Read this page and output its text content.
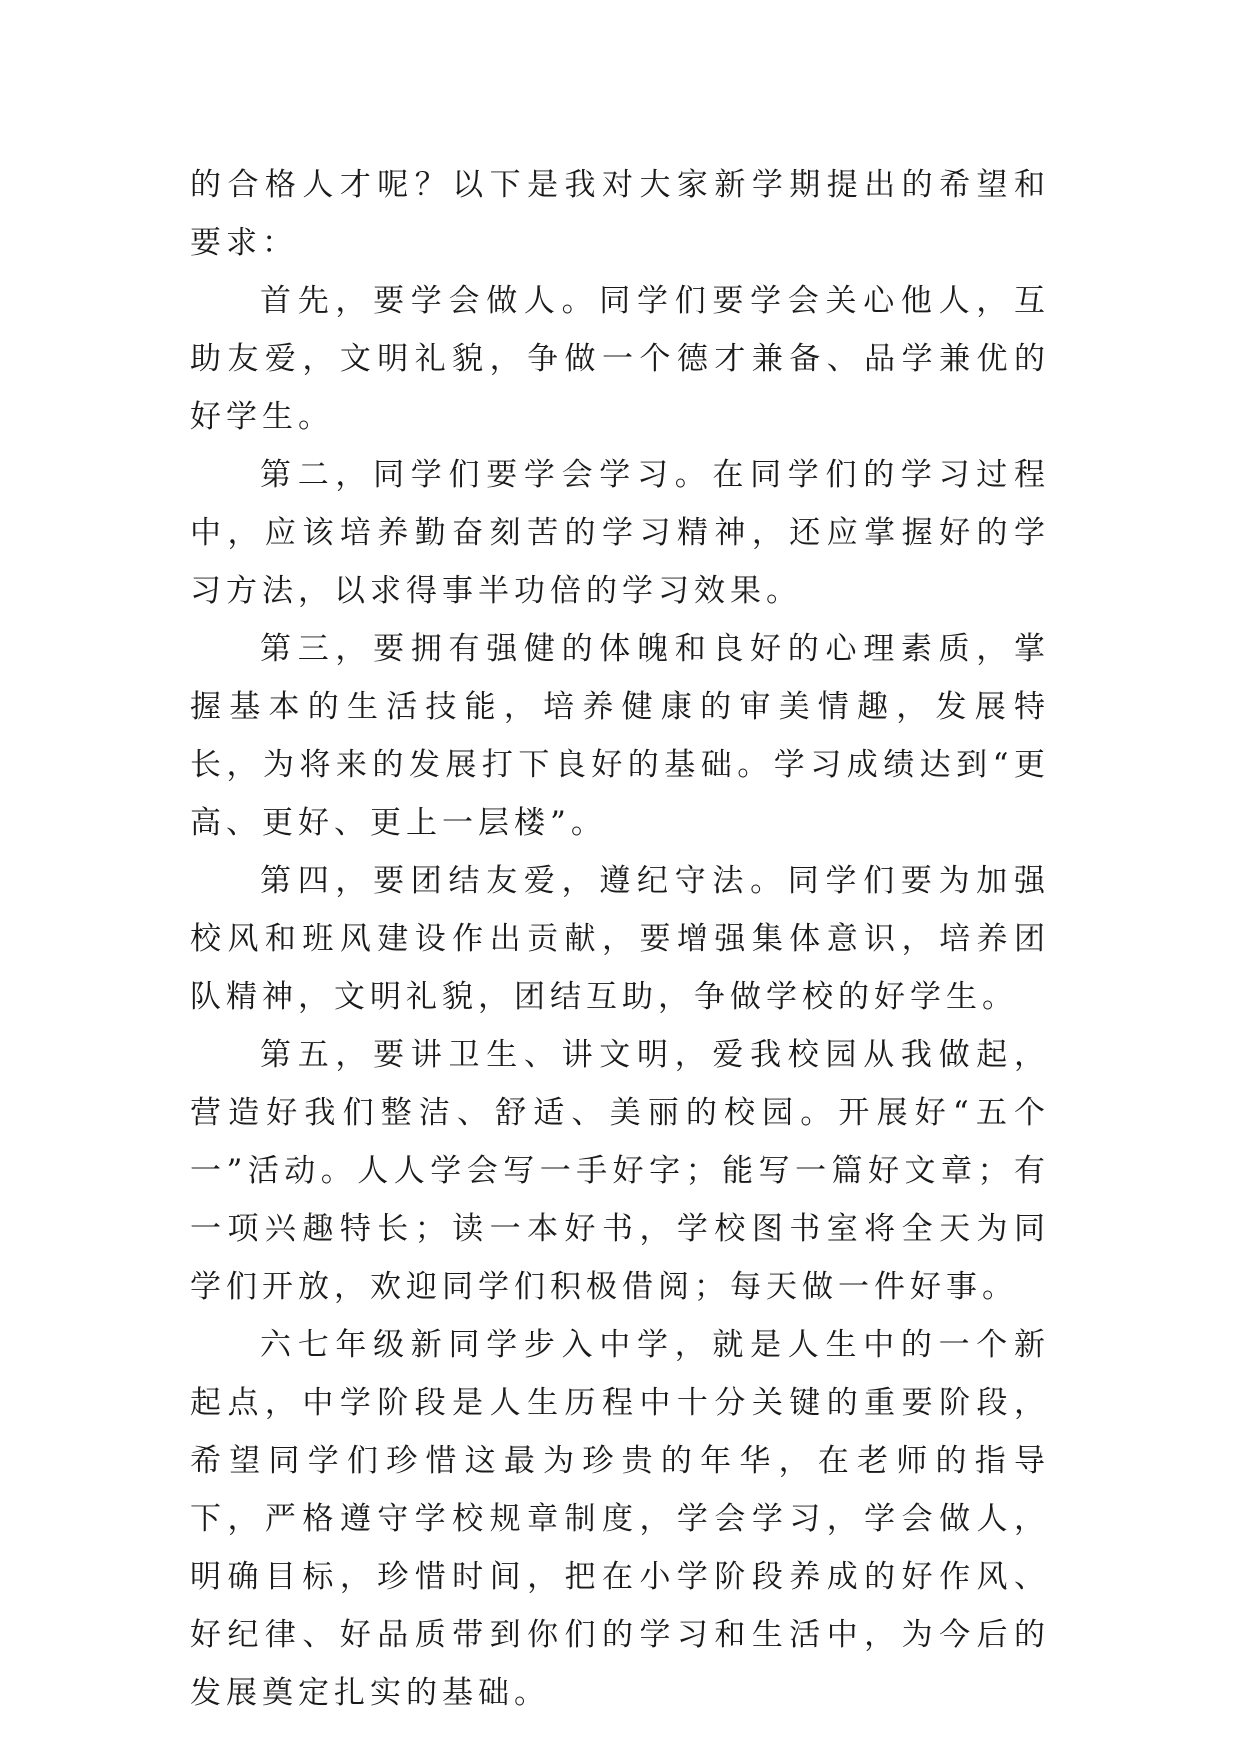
的合格人才呢？以下是我对大家新学期提出的希望和要求：

首先，要学会做人。同学们要学会关心他人，互助友爱，文明礼貌，争做一个德才兼备、品学兼优的好学生。

第二，同学们要学会学习。在同学们的学习过程中，应该培养勤奋刻苦的学习精神，还应掌握好的学习方法，以求得事半功倍的学习效果。

第三，要拥有强健的体魄和良好的心理素质，掌握基本的生活技能，培养健康的审美情趣，发展特长，为将来的发展打下良好的基础。学习成绩达到“更高、更好、更上一层楼”。

第四，要团结友爱，遵纪守法。同学们要为加强校风和班风建设作出贡献，要增强集体意识，培养团队精神，文明礼貌，团结互助，争做学校的好学生。

第五，要讲卫生、讲文明，爱我校园从我做起，营造好我们整洁、舒适、美丽的校园。开展好“五个一”活动。人人学会写一手好字；能写一篇好文章；有一项兴趣特长；读一本好书，学校图书室将全天为同学们开放，欢迎同学们积极借阅；每天做一件好事。

六七年级新同学步入中学，就是人生中的一个新起点，中学阶段是人生历程中十分关键的重要阶段，希望同学们珍惜这最为珍贵的年华，在老师的指导下，严格遵守学校规章制度，学会学习，学会做人，明确目标，珍惜时间，把在小学阶段养成的好作风、好纪律、好品质带到你们的学习和生活中，为今后的发展奠定扎实的基础。
